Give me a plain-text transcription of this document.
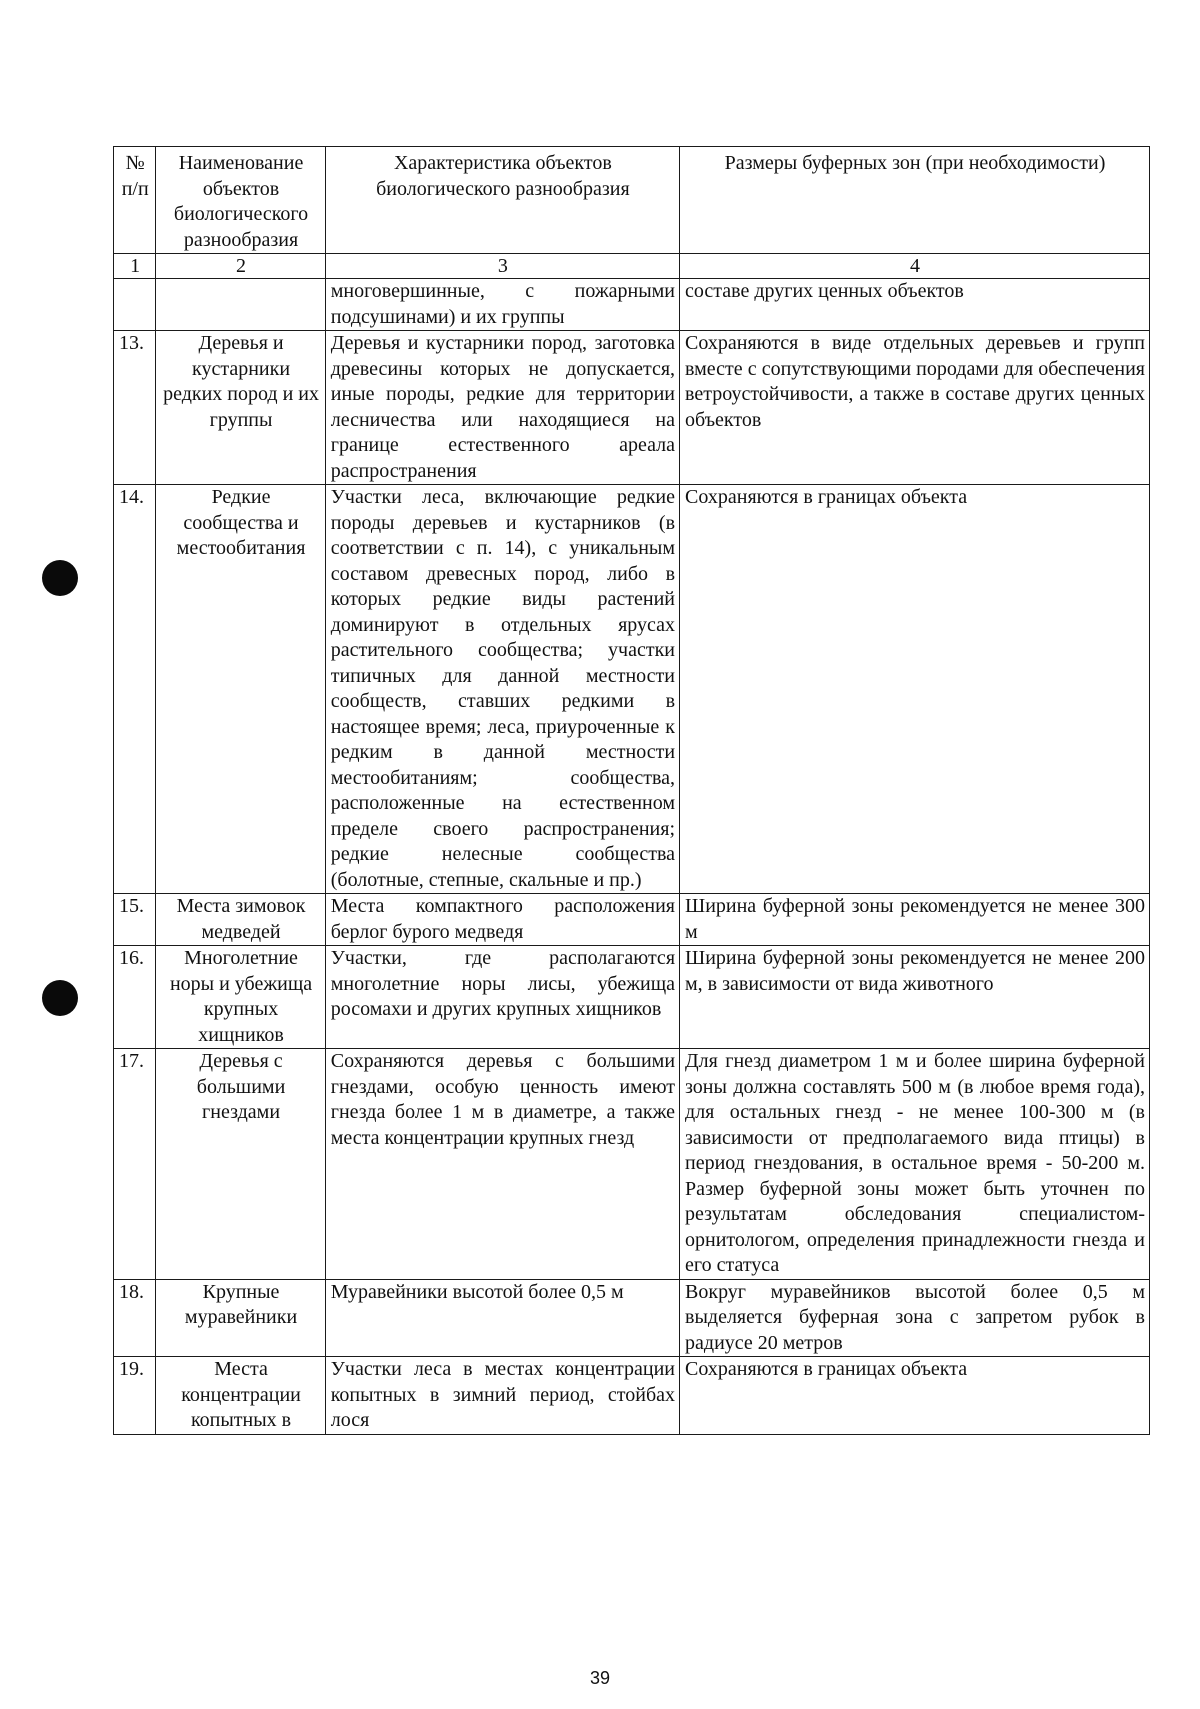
№ п/п	Наименование объектов биологического разнообразия	Характеристика объектов биологического разнообразия	Размеры буферных зон (при необходимости)
1	2	3	4
		многовершинные, с пожарными подсушинами) и их группы	составе других ценных объектов
13.	Деревья и кустарники редких пород и их группы	Деревья и кустарники пород, заготовка древесины которых не допускается, иные породы, редкие для территории лесничества или находящиеся на границе естественного ареала распространения	Сохраняются в виде отдельных деревьев и групп вместе с сопутствующими породами для обеспечения ветроустойчивости, а также в составе других ценных объектов
14.	Редкие сообщества и местообитания	Участки леса, включающие редкие породы деревьев и кустарников (в соответствии с п. 14), с уникальным составом древесных пород, либо в которых редкие виды растений доминируют в отдельных ярусах растительного сообщества; участки типичных для данной местности сообществ, ставших редкими в настоящее время; леса, приуроченные к редким в данной местности местообитаниям; сообщества, расположенные на естественном пределе своего распространения; редкие нелесные сообщества (болотные, степные, скальные и пр.)	Сохраняются в границах объекта
15.	Места зимовок медведей	Места компактного расположения берлог бурого медведя	Ширина буферной зоны рекомендуется не менее 300 м
16.	Многолетние норы и убежища крупных хищников	Участки, где располагаются многолетние норы лисы, убежища росомахи и других крупных хищников	Ширина буферной зоны рекомендуется не менее 200 м, в зависимости от вида животного
17.	Деревья с большими гнездами	Сохраняются деревья с большими гнездами, особую ценность имеют гнезда более 1 м в диаметре, а также места концентрации крупных гнезд	Для гнезд диаметром 1 м и более ширина буферной зоны должна составлять 500 м (в любое время года), для остальных гнезд - не менее 100-300 м (в зависимости от предполагаемого вида птицы) в период гнездования, в остальное время - 50-200 м. Размер буферной зоны может быть уточнен по результатам обследования специалистом-орнитологом, определения принадлежности гнезда и его статуса
18.	Крупные муравейники	Муравейники высотой более 0,5 м	Вокруг муравейников высотой более 0,5 м выделяется буферная зона с запретом рубок в радиусе 20 метров
19.	Места концентрации копытных в	Участки леса в местах концентрации копытных в зимний период, стойбах лося	Сохраняются в границах объекта
39
